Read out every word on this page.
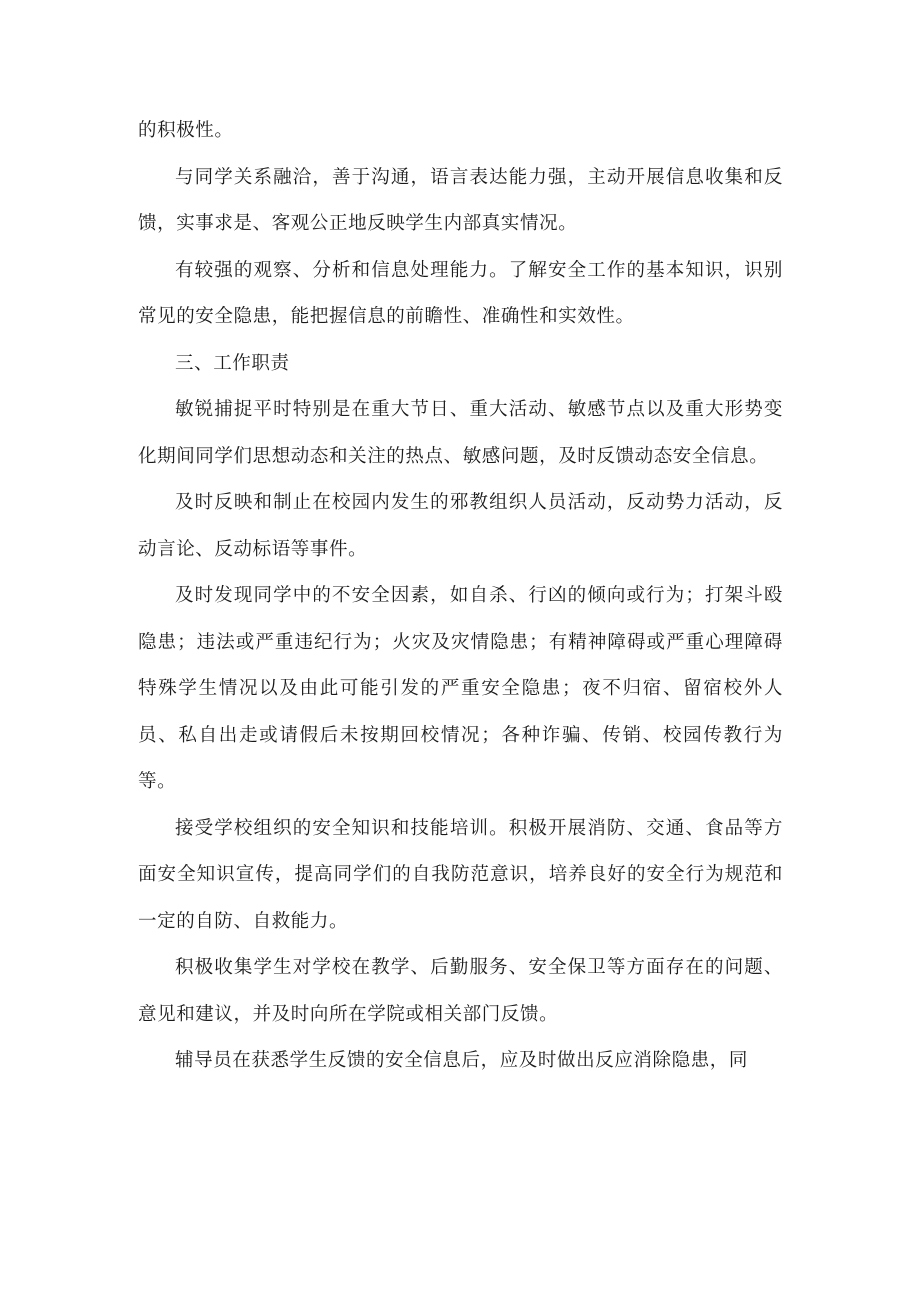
的积极性。

与同学关系融洽，善于沟通，语言表达能力强，主动开展信息收集和反馈，实事求是、客观公正地反映学生内部真实情况。

有较强的观察、分析和信息处理能力。了解安全工作的基本知识，识别常见的安全隐患，能把握信息的前瞻性、准确性和实效性。

三、工作职责

敏锐捕捉平时特别是在重大节日、重大活动、敏感节点以及重大形势变化期间同学们思想动态和关注的热点、敏感问题，及时反馈动态安全信息。

及时反映和制止在校园内发生的邪教组织人员活动，反动势力活动，反动言论、反动标语等事件。

及时发现同学中的不安全因素，如自杀、行凶的倾向或行为；打架斗殴隐患；违法或严重违纪行为；火灾及灾情隐患；有精神障碍或严重心理障碍特殊学生情况以及由此可能引发的严重安全隐患；夜不归宿、留宿校外人员、私自出走或请假后未按期回校情况；各种诈骗、传销、校园传教行为等。

接受学校组织的安全知识和技能培训。积极开展消防、交通、食品等方面安全知识宣传，提高同学们的自我防范意识，培养良好的安全行为规范和一定的自防、自救能力。

积极收集学生对学校在教学、后勤服务、安全保卫等方面存在的问题、意见和建议，并及时向所在学院或相关部门反馈。

辅导员在获悉学生反馈的安全信息后，应及时做出反应消除隐患，同
